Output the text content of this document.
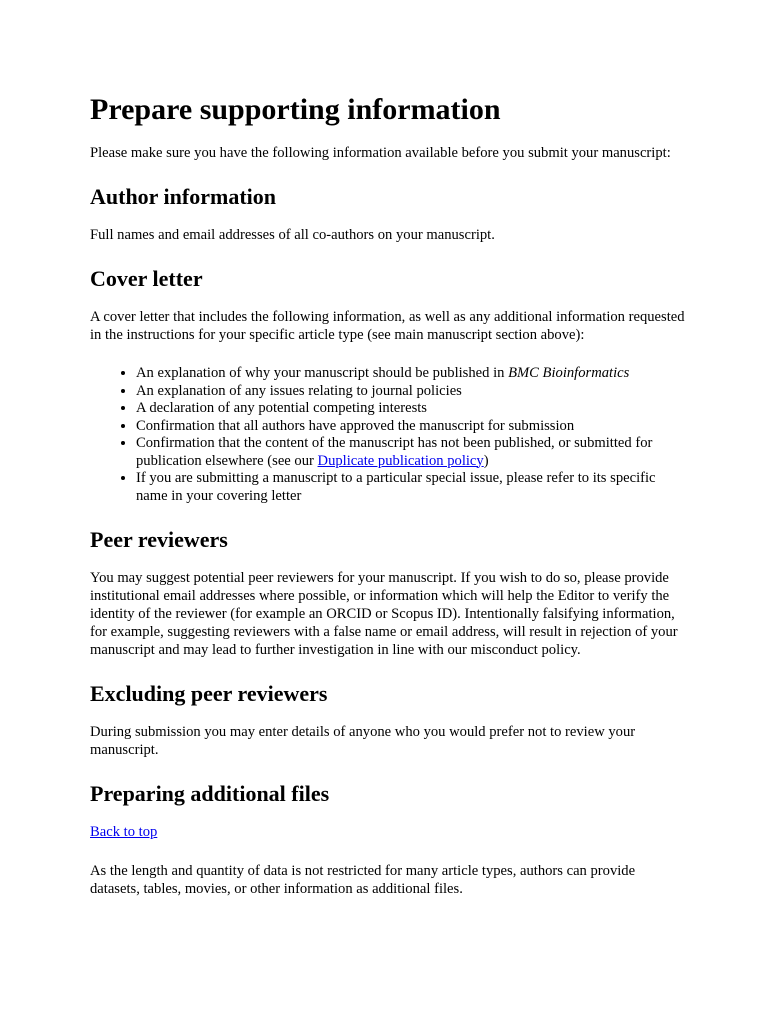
Prepare supporting information

Please make sure you have the following information available before you submit your manuscript:

Author information

Full names and email addresses of all co-authors on your manuscript.

Cover letter

A cover letter that includes the following information, as well as any additional information requested in the instructions for your specific article type (see main manuscript section above):

• An explanation of why your manuscript should be published in BMC Bioinformatics
• An explanation of any issues relating to journal policies
• A declaration of any potential competing interests
• Confirmation that all authors have approved the manuscript for submission
• Confirmation that the content of the manuscript has not been published, or submitted for publication elsewhere (see our Duplicate publication policy)
• If you are submitting a manuscript to a particular special issue, please refer to its specific name in your covering letter
Peer reviewers

You may suggest potential peer reviewers for your manuscript. If you wish to do so, please provide institutional email addresses where possible, or information which will help the Editor to verify the identity of the reviewer (for example an ORCID or Scopus ID). Intentionally falsifying information, for example, suggesting reviewers with a false name or email address, will result in rejection of your manuscript and may lead to further investigation in line with our misconduct policy.

Excluding peer reviewers

During submission you may enter details of anyone who you would prefer not to review your manuscript.

Preparing additional files

Back to top

As the length and quantity of data is not restricted for many article types, authors can provide datasets, tables, movies, or other information as additional files.
